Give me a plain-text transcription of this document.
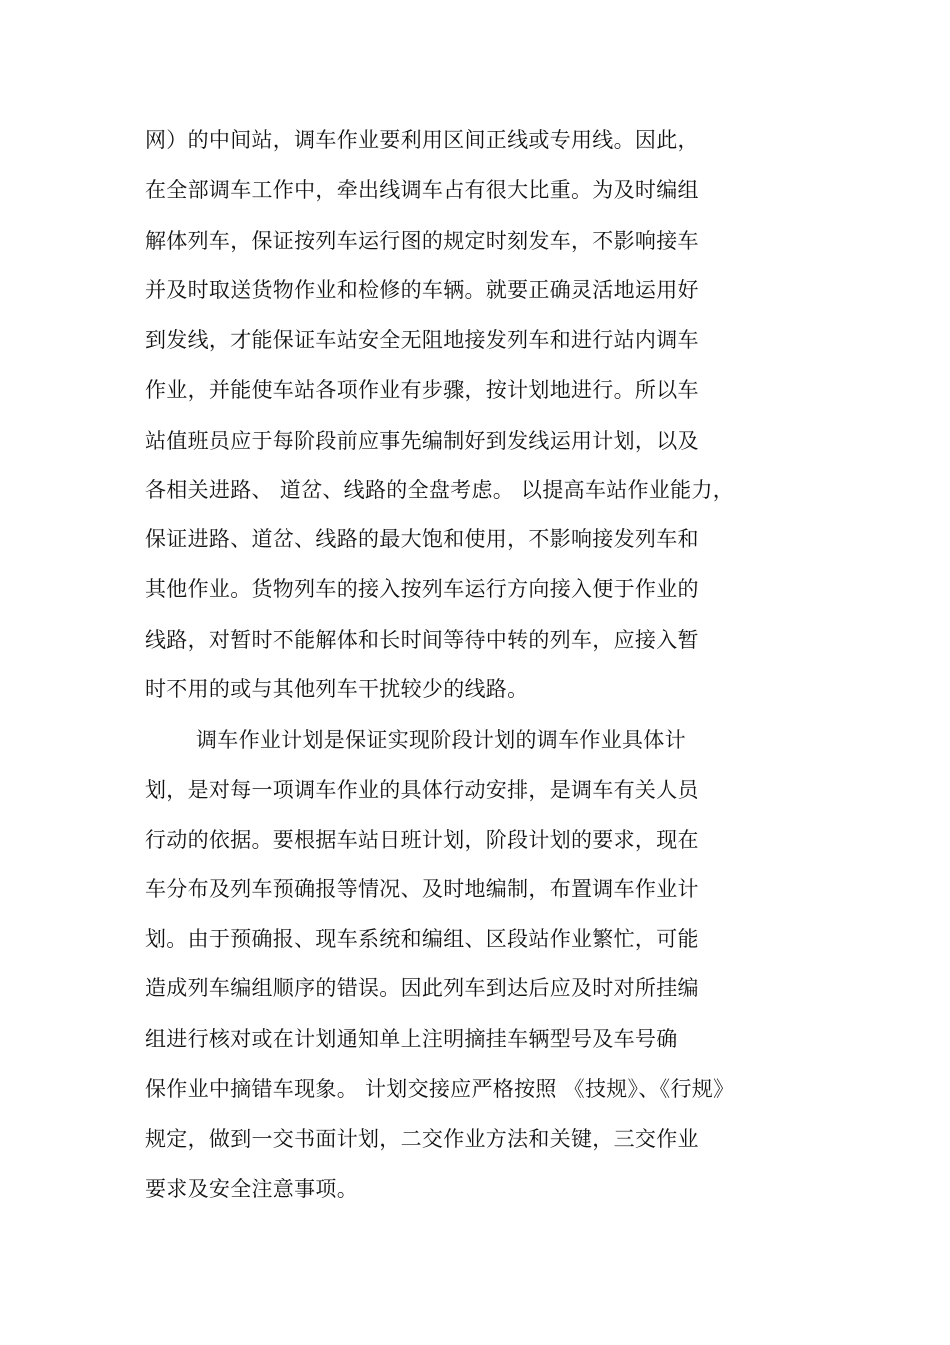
网）的中间站，调车作业要利用区间正线或专用线。因此，
在全部调车工作中，牵出线调车占有很大比重。为及时编组
解体列车，保证按列车运行图的规定时刻发车，不影响接车
并及时取送货物作业和检修的车辆。就要正确灵活地运用好
到发线，才能保证车站安全无阻地接发列车和进行站内调车
作业，并能使车站各项作业有步骤，按计划地进行。所以车
站值班员应于每阶段前应事先编制好到发线运用计划，以及
各相关进路、 道岔、线路的全盘考虑。 以提高车站作业能力，
保证进路、道岔、线路的最大饱和使用，不影响接发列车和
其他作业。货物列车的接入按列车运行方向接入便于作业的
线路，对暂时不能解体和长时间等待中转的列车，应接入暂
时不用的或与其他列车干扰较少的线路。
调车作业计划是保证实现阶段计划的调车作业具体计
划，是对每一项调车作业的具体行动安排，是调车有关人员
行动的依据。要根据车站日班计划，阶段计划的要求，现在
车分布及列车预确报等情况、及时地编制，布置调车作业计
划。由于预确报、现车系统和编组、区段站作业繁忙，可能
造成列车编组顺序的错误。因此列车到达后应及时对所挂编
组进行核对或在计划通知单上注明摘挂车辆型号及车号确
保作业中摘错车现象。 计划交接应严格按照 《技规》、《行规》
规定，做到一交书面计划，二交作业方法和关键，三交作业
要求及安全注意事项。
